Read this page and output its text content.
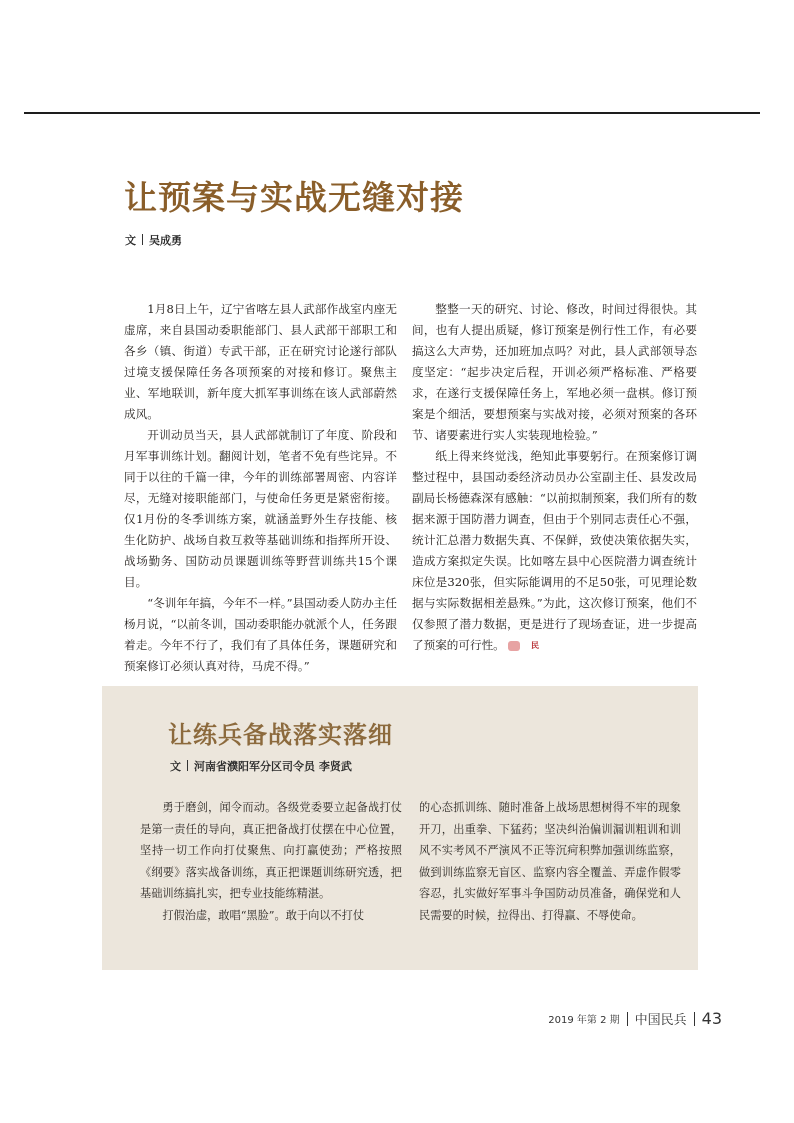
让预案与实战无缝对接
文 吴成勇

1月8日上午，辽宁省喀左县人武部作战室内座无虚席，来自县国动委职能部门、县人武部干部职工和各乡（镇、街道）专武干部，正在研究讨论遂行部队过境支援保障任务各项预案的对接和修订。聚焦主业、军地联训，新年度大抓军事训练在该人武部蔚然成风。

开训动员当天，县人武部就制订了年度、阶段和月军事训练计划。翻阅计划，笔者不免有些诧异。不同于以往的千篇一律，今年的训练部署周密、内容详尽，无缝对接职能部门，与使命任务更是紧密衔接。仅1月份的冬季训练方案，就涵盖野外生存技能、核生化防护、战场自救互救等基础训练和指挥所开设、战场勤务、国防动员课题训练等野营训练共15个课目。

“冬训年年搞，今年不一样。”县国动委人防办主任杨月说，“以前冬训，国动委职能办就派个人，任务跟着走。今年不行了，我们有了具体任务，课题研究和预案修订必须认真对待，马虎不得。”

整整一天的研究、讨论、修改，时间过得很快。其间，也有人提出质疑，修订预案是例行性工作，有必要搞这么大声势，还加班加点吗？对此，县人武部领导态度坚定：“起步决定后程，开训必须严格标准、严格要求，在遂行支援保障任务上，军地必须一盘棋。修订预案是个细活，要想预案与实战对接，必须对预案的各环节、诸要素进行实人实装现地检验。”

纸上得来终觉浅，绝知此事要躬行。在预案修订调整过程中，县国动委经济动员办公室副主任、县发改局副局长杨德森深有感触：“以前拟制预案，我们所有的数据来源于国防潜力调查，但由于个别同志责任心不强，统计汇总潜力数据失真、不保鲜，致使决策依据失实，造成方案拟定失误。比如喀左县中心医院潜力调查统计床位是320张，但实际能调用的不足50张，可见理论数据与实际数据相差悬殊。”为此，这次修订预案，他们不仅参照了潜力数据，更是进行了现场查证，进一步提高了预案的可行性。	民

让练兵备战落实落细
文 河南省濮阳军分区司令员 李贤武

勇于磨剑，闻令而动。各级党委要立起备战打仗是第一责任的导向，真正把备战打仗摆在中心位置，坚持一切工作向打仗聚焦、向打赢使劲；严格按照《纲要》落实战备训练，真正把课题训练研究透，把基础训练搞扎实，把专业技能练精湛。

打假治虚，敢唱“黑脸”。敢于向以不打仗

的心态抓训练、随时准备上战场思想树得不牢的现象开刀，出重拳、下猛药；坚决纠治偏训漏训粗训和训风不实考风不严演风不正等沉疴积弊加强训练监察，做到训练监察无盲区、监察内容全覆盖、弄虚作假零容忍，扎实做好军事斗争国防动员准备，确保党和人民需要的时候，拉得出、打得赢、不辱使命。

2019 年第 2 期 中国民兵 43
